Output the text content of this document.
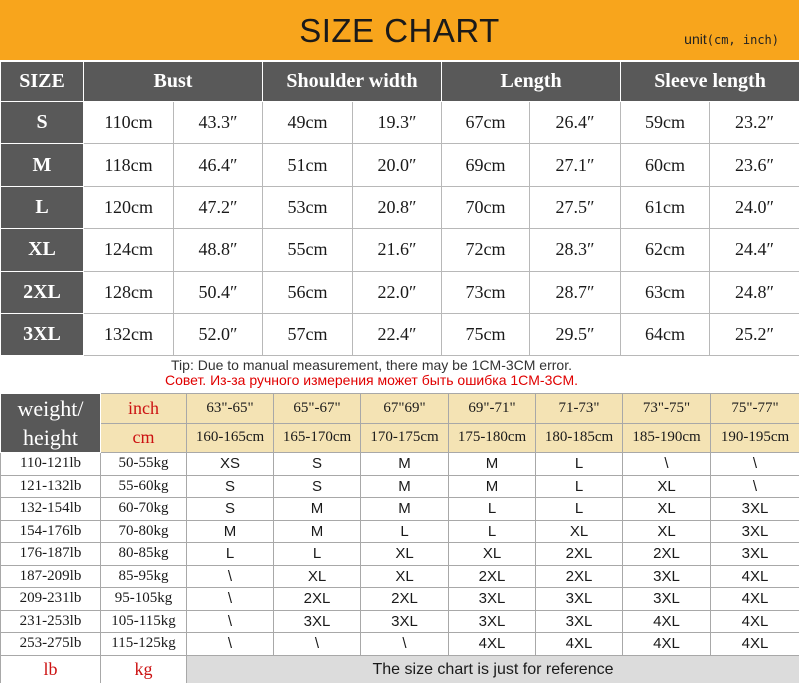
SIZE CHART	unit(cm, inch)
SIZE	Bust		Shoulder width		Length		Sleeve length	
S	110cm	43.3″	49cm	19.3″	67cm	26.4″	59cm	23.2″
M	118cm	46.4″	51cm	20.0″	69cm	27.1″	60cm	23.6″
L	120cm	47.2″	53cm	20.8″	70cm	27.5″	61cm	24.0″
XL	124cm	48.8″	55cm	21.6″	72cm	28.3″	62cm	24.4″
2XL	128cm	50.4″	56cm	22.0″	73cm	28.7″	63cm	24.8″
3XL	132cm	52.0″	57cm	22.4″	75cm	29.5″	64cm	25.2″
Tip: Due to manual measurement, there may be 1CM-3CM error.
Совет. Из-за ручного измерения может быть ошибка 1CM-3CM.
weight/
height	inch	63"-65"	65"-67"	67"69"	69"-71"	71-73"	73"-75"	75"-77"
	cm	160-165cm	165-170cm	170-175cm	175-180cm	180-185cm	185-190cm	190-195cm
110-121lb	50-55kg	XS	S	M	M	L	\	\
121-132lb	55-60kg	S	S	M	M	L	XL	\
132-154lb	60-70kg	S	M	M	L	L	XL	3XL
154-176lb	70-80kg	M	M	L	L	XL	XL	3XL
176-187lb	80-85kg	L	L	XL	XL	2XL	2XL	3XL
187-209lb	85-95kg	\	XL	XL	2XL	2XL	3XL	4XL
209-231lb	95-105kg	\	2XL	2XL	3XL	3XL	3XL	4XL
231-253lb	105-115kg	\	3XL	3XL	3XL	3XL	4XL	4XL
253-275lb	115-125kg	\	\	\	4XL	4XL	4XL	4XL
lb	kg	The size chart is just for reference						
